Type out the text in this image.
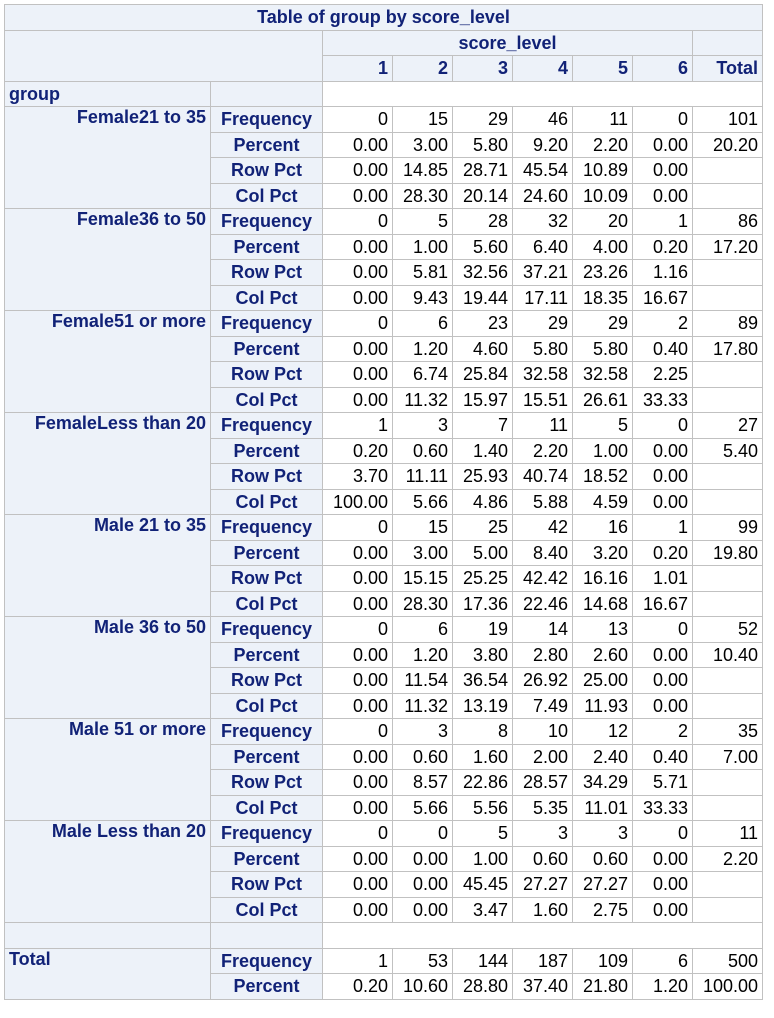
Table of group by score_level								
		score_level						
		1	2	3	4	5	6	Total
group								
Female21 to 35	Frequency	0	15	29	46	11	0	101
	Percent	0.00	3.00	5.80	9.20	2.20	0.00	20.20
	Row Pct	0.00	14.85	28.71	45.54	10.89	0.00	
	Col Pct	0.00	28.30	20.14	24.60	10.09	0.00	
Female36 to 50	Frequency	0	5	28	32	20	1	86
	Percent	0.00	1.00	5.60	6.40	4.00	0.20	17.20
	Row Pct	0.00	5.81	32.56	37.21	23.26	1.16	
	Col Pct	0.00	9.43	19.44	17.11	18.35	16.67	
Female51 or more	Frequency	0	6	23	29	29	2	89
	Percent	0.00	1.20	4.60	5.80	5.80	0.40	17.80
	Row Pct	0.00	6.74	25.84	32.58	32.58	2.25	
	Col Pct	0.00	11.32	15.97	15.51	26.61	33.33	
FemaleLess than 20	Frequency	1	3	7	11	5	0	27
	Percent	0.20	0.60	1.40	2.20	1.00	0.00	5.40
	Row Pct	3.70	11.11	25.93	40.74	18.52	0.00	
	Col Pct	100.00	5.66	4.86	5.88	4.59	0.00	
Male 21 to 35	Frequency	0	15	25	42	16	1	99
	Percent	0.00	3.00	5.00	8.40	3.20	0.20	19.80
	Row Pct	0.00	15.15	25.25	42.42	16.16	1.01	
	Col Pct	0.00	28.30	17.36	22.46	14.68	16.67	
Male 36 to 50	Frequency	0	6	19	14	13	0	52
	Percent	0.00	1.20	3.80	2.80	2.60	0.00	10.40
	Row Pct	0.00	11.54	36.54	26.92	25.00	0.00	
	Col Pct	0.00	11.32	13.19	7.49	11.93	0.00	
Male 51 or more	Frequency	0	3	8	10	12	2	35
	Percent	0.00	0.60	1.60	2.00	2.40	0.40	7.00
	Row Pct	0.00	8.57	22.86	28.57	34.29	5.71	
	Col Pct	0.00	5.66	5.56	5.35	11.01	33.33	
Male Less than 20	Frequency	0	0	5	3	3	0	11
	Percent	0.00	0.00	1.00	0.60	0.60	0.00	2.20
	Row Pct	0.00	0.00	45.45	27.27	27.27	0.00	
	Col Pct	0.00	0.00	3.47	1.60	2.75	0.00	

Total	Frequency	1	53	144	187	109	6	500
	Percent	0.20	10.60	28.80	37.40	21.80	1.20	100.00
